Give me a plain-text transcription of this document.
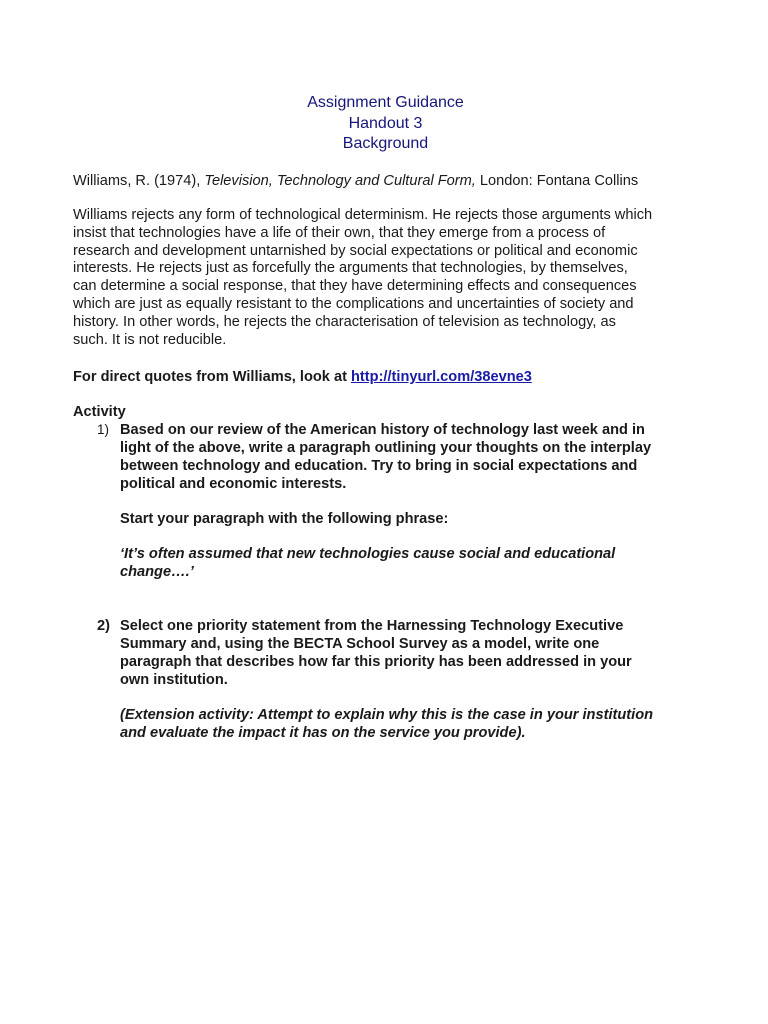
Assignment Guidance
Handout 3
Background
Williams, R. (1974), Television, Technology and Cultural Form, London: Fontana Collins
Williams rejects any form of technological determinism. He rejects those arguments which
insist that technologies have a life of their own, that they emerge from a process of
research and development untarnished by social expectations or political and economic
interests. He rejects just as forcefully the arguments that technologies, by themselves,
can determine a social response, that they have determining effects and consequences
which are just as equally resistant to the complications and uncertainties of society and
history. In other words, he rejects the characterisation of television as technology, as
such. It is not reducible.
For direct quotes from Williams, look at http://tinyurl.com/38evne3
Activity
1) Based on our review of the American history of technology last week and in
light of the above, write a paragraph outlining your thoughts on the interplay
between technology and education. Try to bring in social expectations and
political and economic interests.
Start your paragraph with the following phrase:
‘It’s often assumed that new technologies cause social and educational
change….’
2) Select one priority statement from the Harnessing Technology Executive
Summary and, using the BECTA School Survey as a model, write one
paragraph that describes how far this priority has been addressed in your
own institution.
(Extension activity: Attempt to explain why this is the case in your institution
and evaluate the impact it has on the service you provide).
